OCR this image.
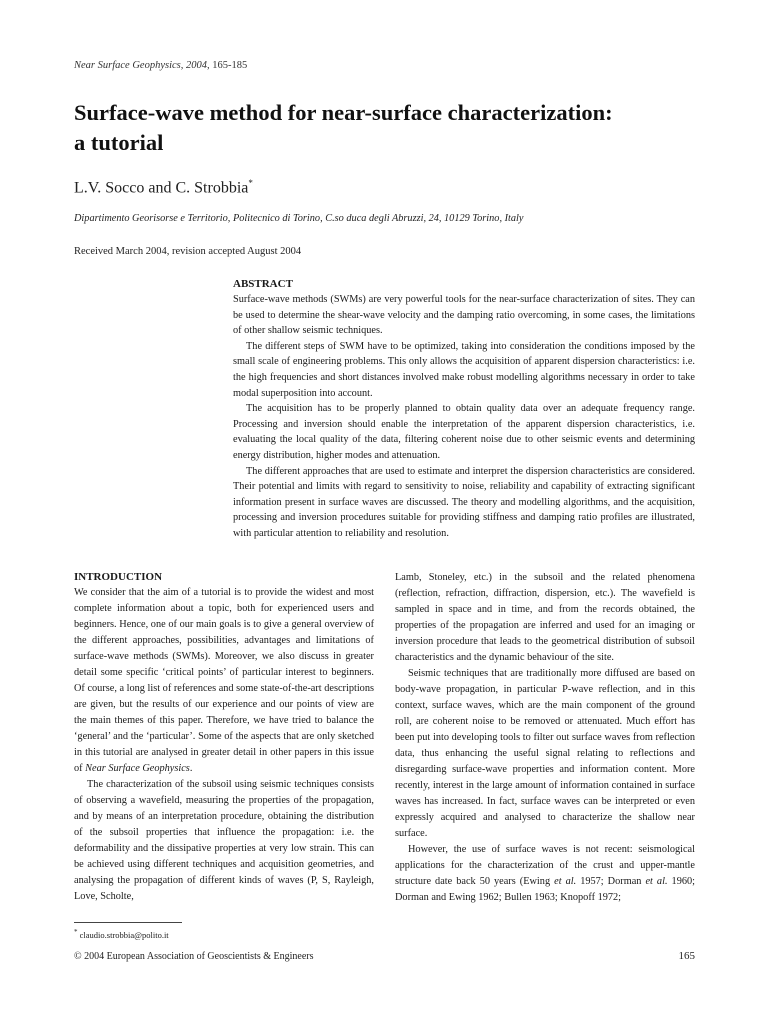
Near Surface Geophysics, 2004, 165-185
Surface-wave method for near-surface characterization:
a tutorial
L.V. Socco and C. Strobbia*
Dipartimento Georisorse e Territorio, Politecnico di Torino, C.so duca degli Abruzzi, 24, 10129 Torino, Italy
Received March 2004, revision accepted August 2004

ABSTRACT

Surface-wave methods (SWMs) are very powerful tools for the near-surface characterization of sites. They can be used to determine the shear-wave velocity and the damping ratio overcoming, in some cases, the limitations of other shallow seismic techniques.

The different steps of SWM have to be optimized, taking into consideration the conditions imposed by the small scale of engineering problems. This only allows the acquisition of apparent dispersion characteristics: i.e. the high frequencies and short distances involved make robust modelling algorithms necessary in order to take modal superposition into account.

The acquisition has to be properly planned to obtain quality data over an adequate frequency range. Processing and inversion should enable the interpretation of the apparent dispersion characteristics, i.e. evaluating the local quality of the data, filtering coherent noise due to other seismic events and determining energy distribution, higher modes and attenuation.

The different approaches that are used to estimate and interpret the dispersion characteristics are considered. Their potential and limits with regard to sensitivity to noise, reliability and capability of extracting significant information present in surface waves are discussed. The theory and modelling algorithms, and the acquisition, processing and inversion procedures suitable for providing stiffness and damping ratio profiles are illustrated, with particular attention to reliability and resolution.

INTRODUCTION

We consider that the aim of a tutorial is to provide the widest and most complete information about a topic, both for experienced users and beginners. Hence, one of our main goals is to give a general overview of the different approaches, possibilities, advantages and limitations of surface-wave methods (SWMs). Moreover, we also discuss in greater detail some specific ‘critical points’ of particular interest to beginners. Of course, a long list of references and some state-of-the-art descriptions are given, but the results of our experience and our points of view are the main themes of this paper. Therefore, we have tried to balance the ‘general’ and the ‘particular’. Some of the aspects that are only sketched in this tutorial are analysed in greater detail in other papers in this issue of Near Surface Geophysics.

The characterization of the subsoil using seismic techniques consists of observing a wavefield, measuring the properties of the propagation, and by means of an interpretation procedure, obtaining the distribution of the subsoil properties that influence the propagation: i.e. the deformability and the dissipative properties at very low strain. This can be achieved using different techniques and acquisition geometries, and analysing the propagation of different kinds of waves (P, S, Rayleigh, Love, Scholte,

Lamb, Stoneley, etc.) in the subsoil and the related phenomena (reflection, refraction, diffraction, dispersion, etc.). The wavefield is sampled in space and in time, and from the records obtained, the properties of the propagation are inferred and used for an imaging or inversion procedure that leads to the geometrical distribution of subsoil characteristics and the dynamic behaviour of the site.

Seismic techniques that are traditionally more diffused are based on body-wave propagation, in particular P-wave reflection, and in this context, surface waves, which are the main component of the ground roll, are coherent noise to be removed or attenuated. Much effort has been put into developing tools to filter out surface waves from reflection data, thus enhancing the useful signal relating to reflections and disregarding surface-wave properties and information content. More recently, interest in the large amount of information contained in surface waves has increased. In fact, surface waves can be interpreted or even expressly acquired and analysed to characterize the shallow near surface.

However, the use of surface waves is not recent: seismological applications for the characterization of the crust and upper-mantle structure date back 50 years (Ewing et al. 1957; Dorman et al. 1960; Dorman and Ewing 1962; Bullen 1963; Knopoff 1972;

* claudio.strobbia@polito.it
© 2004 European Association of Geoscientists & Engineers	165
